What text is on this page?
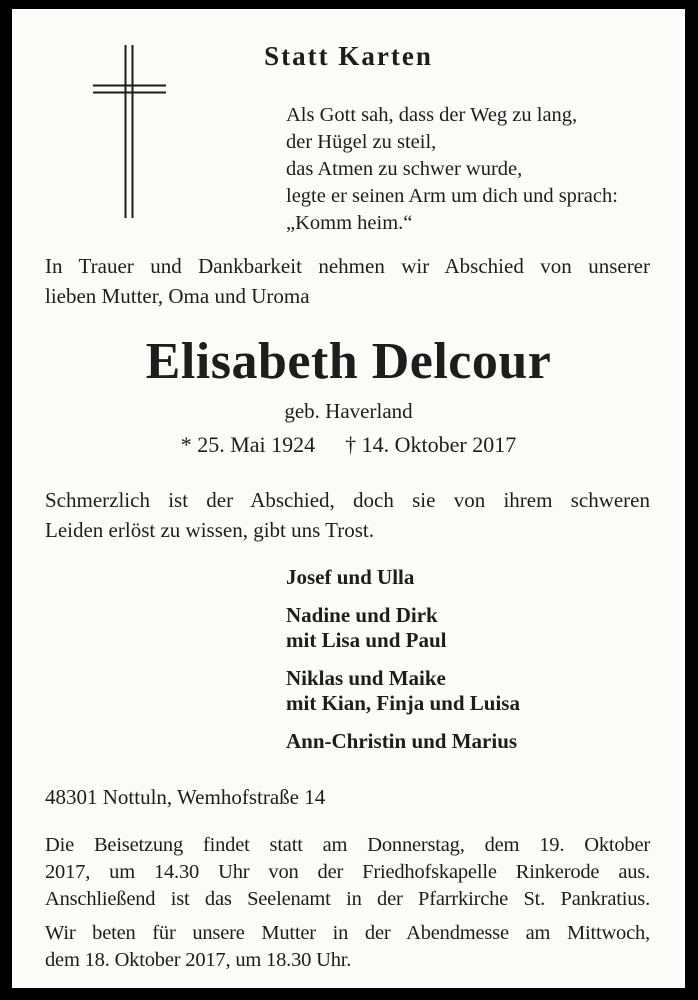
Statt Karten
Als Gott sah, dass der Weg zu lang,
der Hügel zu steil,
das Atmen zu schwer wurde,
legte er seinen Arm um dich und sprach:
„Komm heim.“
In Trauer und Dankbarkeit nehmen wir Abschied von unserer
lieben Mutter, Oma und Uroma
Elisabeth Delcour
geb. Haverland
* 25. Mai 1924 † 14. Oktober 2017
Schmerzlich ist der Abschied, doch sie von ihrem schweren
Leiden erlöst zu wissen, gibt uns Trost.
Josef und Ulla
Nadine und Dirk
mit Lisa und Paul
Niklas und Maike
mit Kian, Finja und Luisa
Ann-Christin und Marius
48301 Nottuln, Wemhofstraße 14
Die Beisetzung findet statt am Donnerstag, dem 19. Oktober
2017, um 14.30 Uhr von der Friedhofskapelle Rinkerode aus.
Anschließend ist das Seelenamt in der Pfarrkirche St. Pankratius.
Wir beten für unsere Mutter in der Abendmesse am Mittwoch,
dem 18. Oktober 2017, um 18.30 Uhr.
